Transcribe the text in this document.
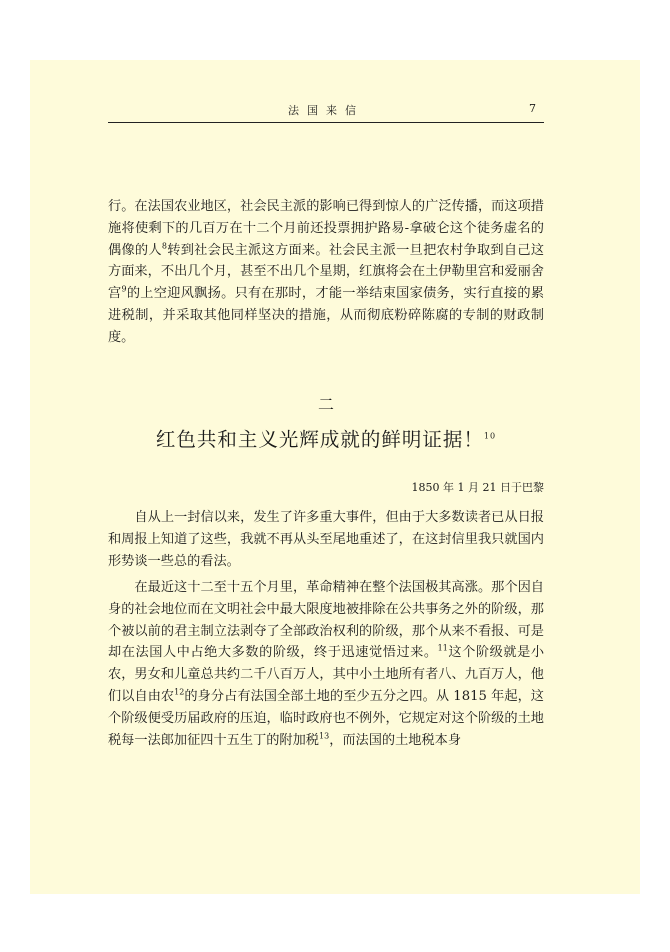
法国来信	7

行。在法国农业地区，社会民主派的影响已得到惊人的广泛传播，而这项措施将使剩下的几百万在十二个月前还投票拥护路易-拿破仑这个徒务虚名的偶像的人$^8$转到社会民主派这方面来。社会民主派一旦把农村争取到自己这方面来，不出几个月，甚至不出几个星期，红旗将会在土伊勒里宫和爱丽舍宫$^9$的上空迎风飘扬。只有在那时，才能一举结束国家债务，实行直接的累进税制，并采取其他同样坚决的措施，从而彻底粉碎陈腐的专制的财政制度。

二
红色共和主义光辉成就的鲜明证据！$^{10}$
1850 年 1 月 21 日于巴黎

自从上一封信以来，发生了许多重大事件，但由于大多数读者已从日报和周报上知道了这些，我就不再从头至尾地重述了，在这封信里我只就国内形势谈一些总的看法。

在最近这十二至十五个月里，革命精神在整个法国极其高涨。那个因自身的社会地位而在文明社会中最大限度地被排除在公共事务之外的阶级，那个被以前的君主制立法剥夺了全部政治权利的阶级，那个从来不看报、可是却在法国人中占绝大多数的阶级，终于迅速觉悟过来。$^{11}$这个阶级就是小农，男女和儿童总共约二千八百万人，其中小土地所有者八、九百万人，他们以自由农$^{12}$的身分占有法国全部土地的至少五分之四。从 1815 年起，这个阶级便受历届政府的压迫，临时政府也不例外，它规定对这个阶级的土地税每一法郎加征四十五生丁的附加税$^{13}$，而法国的土地税本身
